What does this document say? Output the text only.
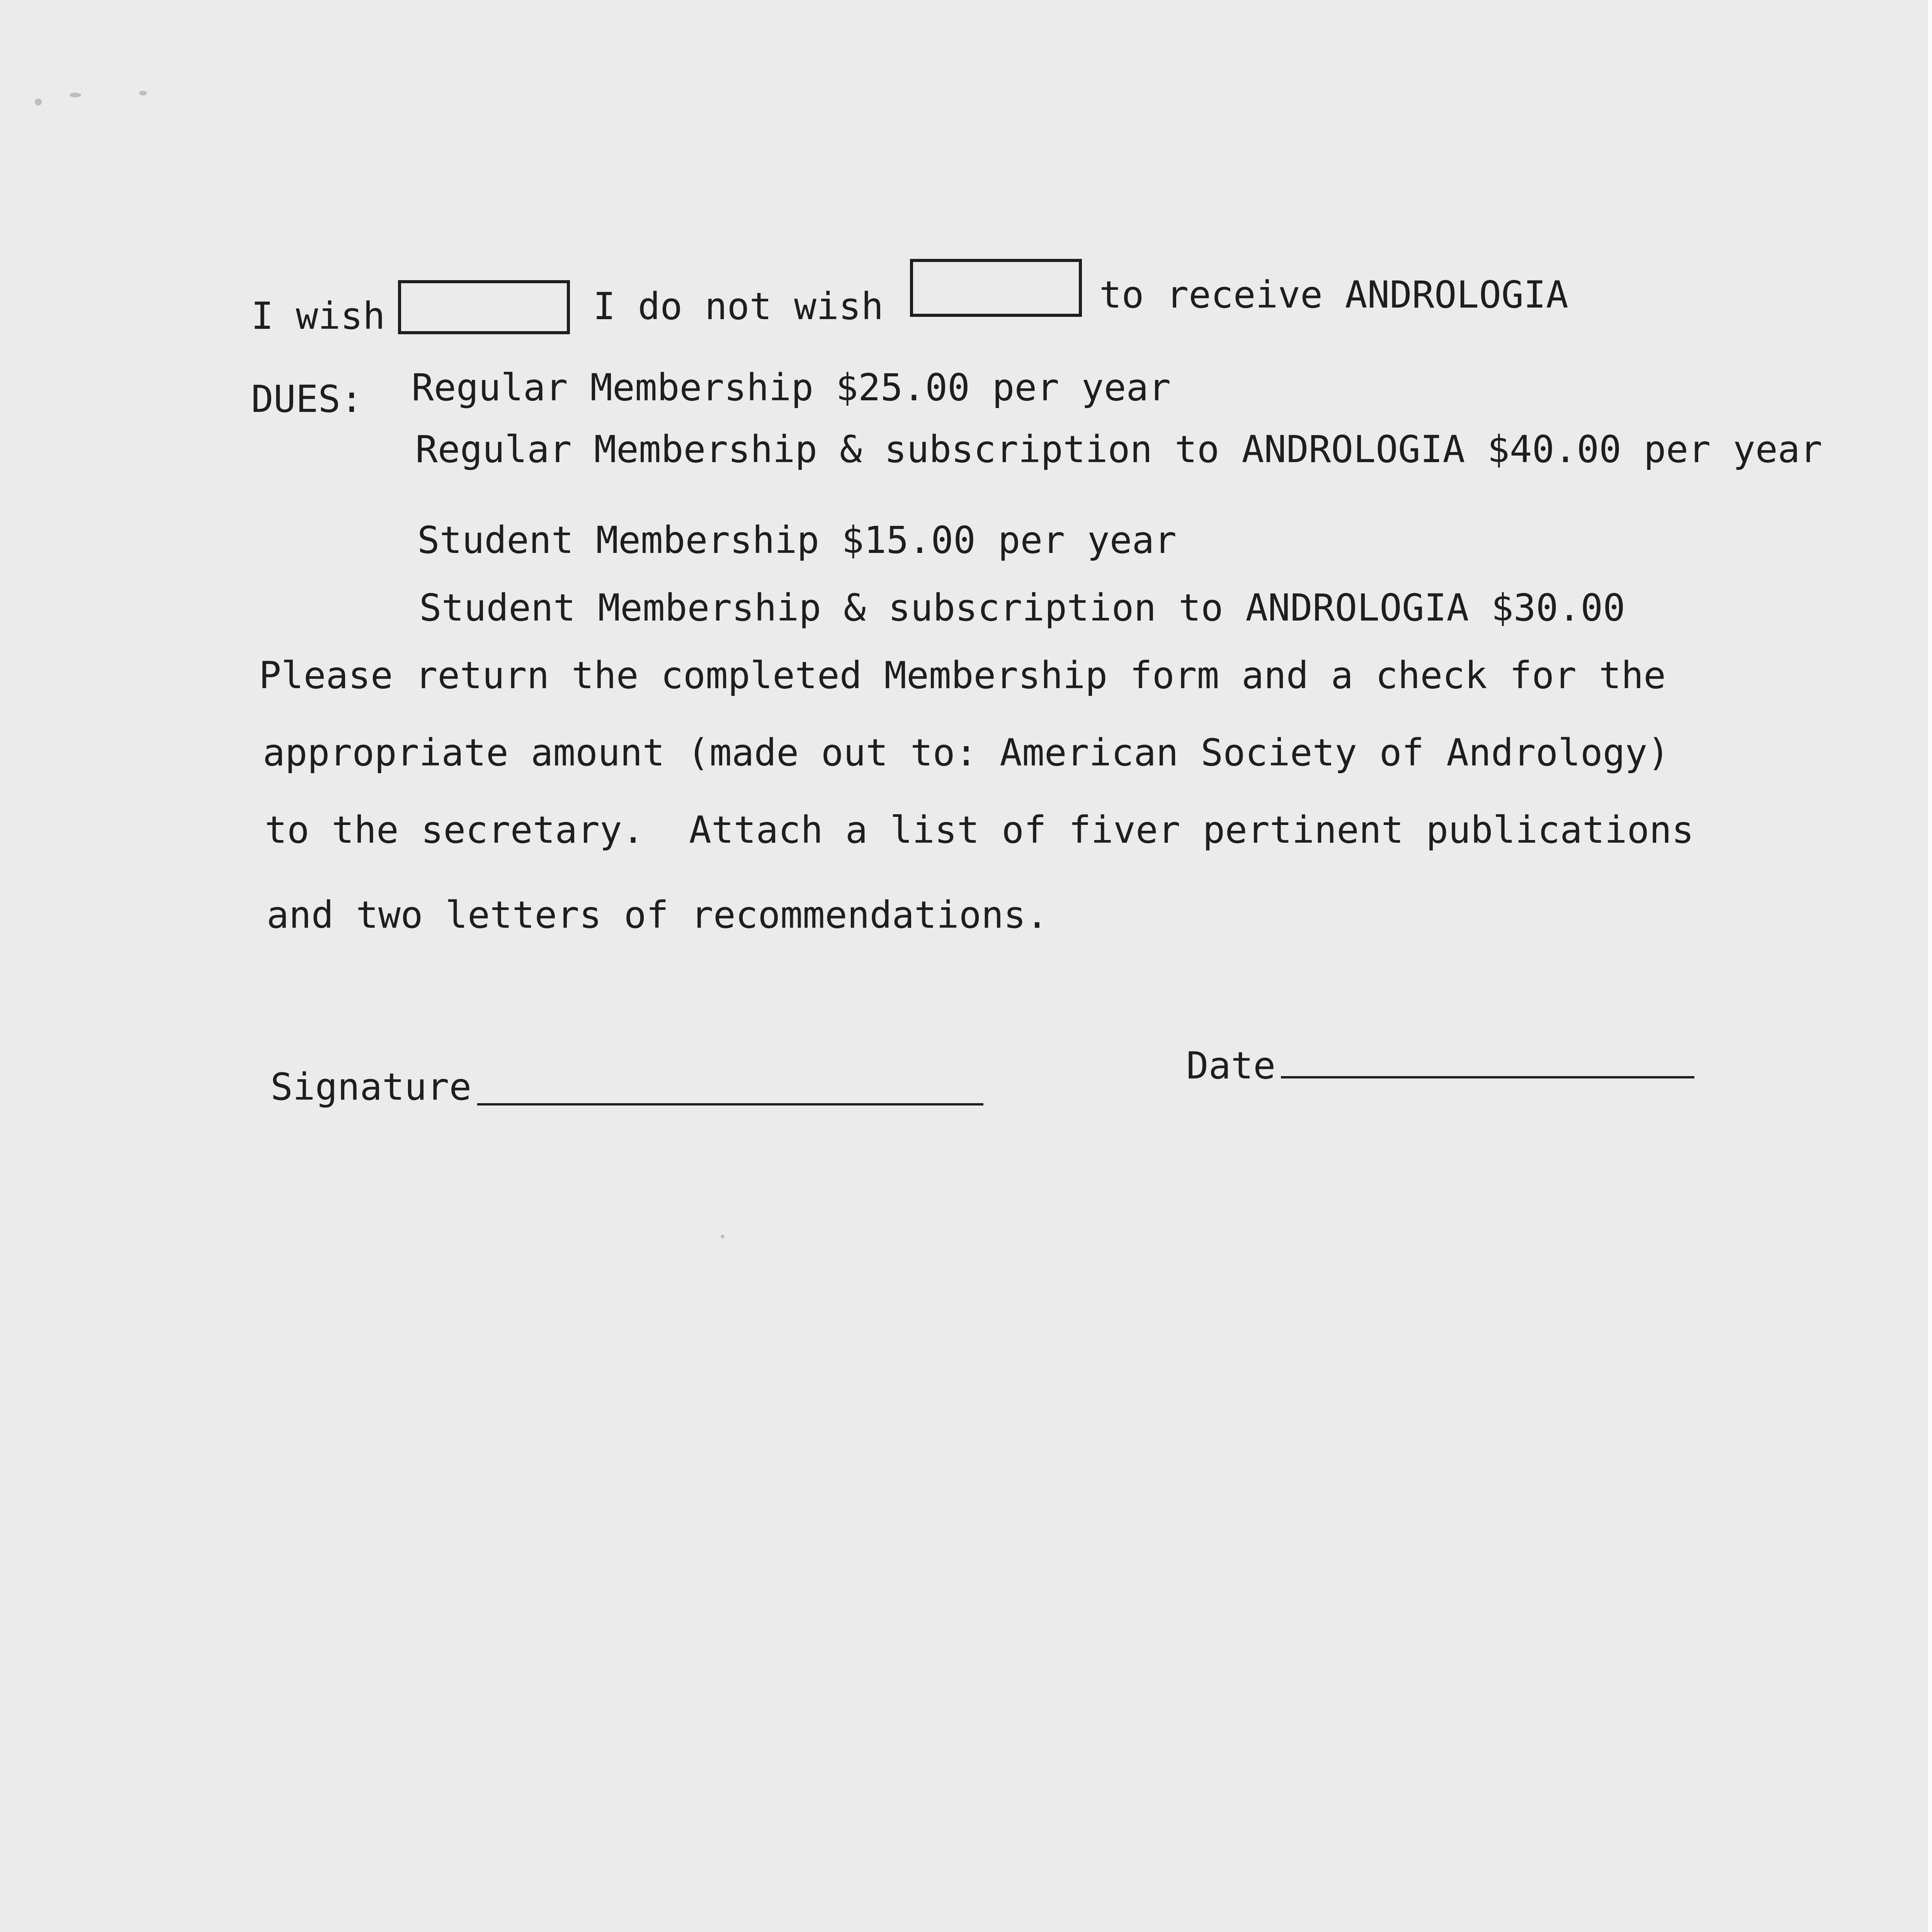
I wish	I do not wish	to receive ANDROLOGIA
DUES: Regular Membership $25.00 per year
Regular Membership & subscription to ANDROLOGIA $40.00 per year
Student Membership $15.00 per year
Student Membership & subscription to ANDROLOGIA $30.00
Please return the completed Membership form and a check for the
appropriate amount (made out to: American Society of Andrology)
to the secretary.  Attach a list of fiver pertinent publications
and two letters of recommendations.
Signature	Date
